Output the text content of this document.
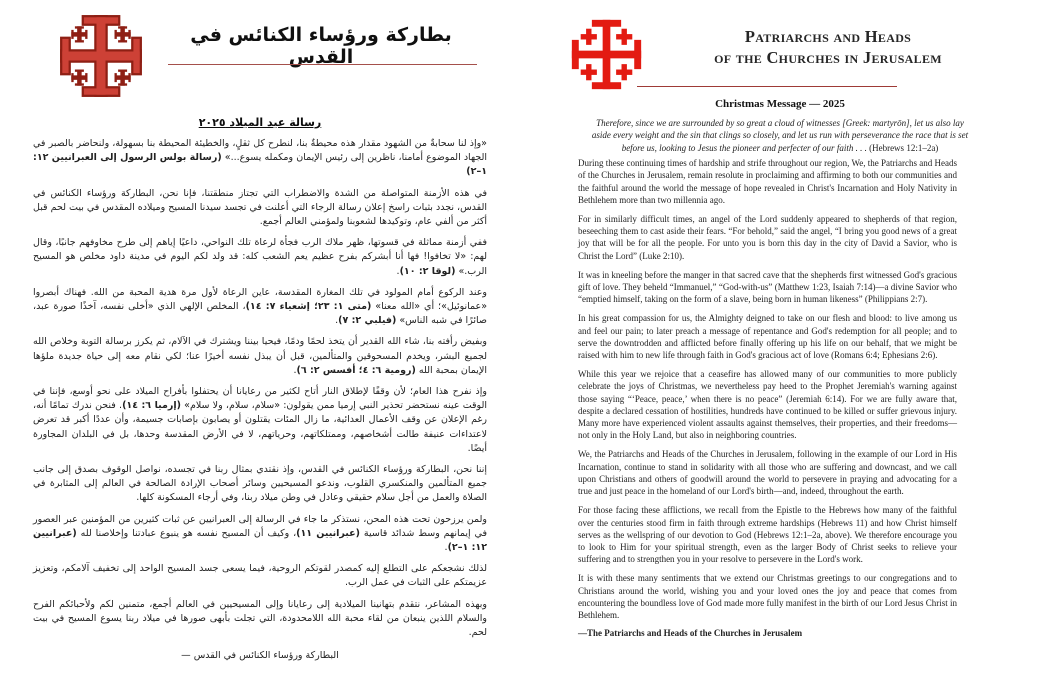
بطاركة ورؤساء الكنائس في القدس
رسالة عيد الميلاد ٢٠٢٥
«وإذ لنا سحابةٌ من الشهود مقدار هذه محيطةٌ بنا، لنطرح كل ثقلٍ، والخطيئة المحيطة بنا بسهولة، ولنحاضر بالصبر في الجهاد الموضوع أمامنا، ناظرين إلى رئيس الإيمان ومكمله يسوع...» (رسالة بولس الرسول إلى العبرانيين ١٢: ١–٢)

في هذه الأزمنة المتواصلة من الشدة والاضطراب التي تجتاز منطقتنا، فإنا نحن، البطاركة ورؤساء الكنائس في القدس، نجدد بثبات راسخ إعلان رسالة الرجاء التي أعلنت في تجسد سيدنا المسيح وميلاده المقدس في بيت لحم قبل أكثر من ألفي عام، وتوكيدها لشعوبنا ولمؤمني العالم أجمع.

ففي أزمنة مماثلة في قسوتها، ظهر ملاك الرب فجأة لرعاة تلك النواحي، داعيًا إياهم إلى طرح مخاوفهم جانبًا، وقال لهم: «لا تخافوا! فها أنا أبشركم بفرح عظيم يعم الشعب كله: قد ولد لكم اليوم في مدينة داود مخلص هو المسيح الرب.» (لوقا ٢: ١٠).

وعند الركوع أمام المولود في تلك المغارة المقدسة، عاين الرعاة لأول مرة هدية المحبة من الله. فهناك أبصروا «عمانوئيل»؛ أي «الله معنا» (متى ١: ٢٣؛ إشعياء ٧: ١٤)، المخلص الإلهي الذي «أخلى نفسه، آخذًا صورة عبد، صائرًا في شبه الناس» (فيلبي ٢: ٧).

وبفيض رأفته بنا، شاء الله القدير أن يتخذ لحمًا ودمًا، فيحيا بيننا ويشترك في الآلام، ثم يكرز برسالة التوبة وخلاص الله لجميع البشر، ويخدم المسحوقين والمتألمين، قبل أن يبذل نفسه أخيرًا عنا؛ لكي نقام معه إلى حياة جديدة ملؤها الإيمان بمحبة الله (رومية ٦: ٤؛ أفسس ٢: ٦).

وإذ نفرح هذا العام؛ لأن وقفًا لإطلاق النار أتاح لكثير من رعايانا أن يحتفلوا بأفراح الميلاد على نحو أوسع، فإننا في الوقت عينه نستحضر تحذير النبي إرميا ممن يقولون: «سلام، سلام، ولا سلام» (إرميا ٦: ١٤). فنحن ندرك تمامًا أنه، رغم الإعلان عن وقف الأعمال العدائية، ما زال المئات يقتلون أو يصابون بإصابات جسيمة، وأن عددًا أكبر قد تعرض لاعتداءات عنيفة طالت أشخاصهم، وممتلكاتهم، وحرياتهم، لا في الأرض المقدسة وحدها، بل في البلدان المجاورة أيضًا.

إننا نحن، البطاركة ورؤساء الكنائس في القدس، وإذ نقتدي بمثال ربنا في تجسده، نواصل الوقوف بصدق إلى جانب جميع المتألمين والمنكسري القلوب، وندعو المسيحيين وسائر أصحاب الإرادة الصالحة في العالم إلى المثابرة في الصلاة والعمل من أجل سلام حقيقي وعادل في وطن ميلاد ربنا، وفي أرجاء المسكونة كلها.

ولمن يرزحون تحت هذه المحن، نستذكر ما جاء في الرسالة إلى العبرانيين عن ثبات كثيرين من المؤمنين عبر العصور في إيمانهم وسط شدائد قاسية (عبرانيين ١١)، وكيف أن المسيح نفسه هو ينبوع عبادتنا وإخلاصنا لله (عبرانيين ١٢: ١–٢).

لذلك نشجعكم على التطلع إليه كمصدر لقوتكم الروحية، فيما يسعى جسد المسيح الواحد إلى تخفيف آلامكم، وتعزيز عزيمتكم على الثبات في عمل الرب.

وبهذه المشاعر، نتقدم بتهانينا الميلادية إلى رعايانا وإلى المسيحيين في العالم أجمع، متمنين لكم ولأحبائكم الفرح والسلام اللذين ينبعان من لقاء محبة الله اللامحدودة، التي تجلت بأبهى صورها في ميلاد ربنا يسوع المسيح في بيت لحم.

— البطاركة ورؤساء الكنائس في القدس
Patriarchs and Heads
of the Churches in Jerusalem
Christmas Message — 2025
Therefore, since we are surrounded by so great a cloud of witnesses [Greek: martyrōn], let us also lay aside every weight and the sin that clings so closely, and let us run with perseverance the race that is set before us, looking to Jesus the pioneer and perfecter of our faith . . . (Hebrews 12:1–2a)

During these continuing times of hardship and strife throughout our region, We, the Patriarchs and Heads of the Churches in Jerusalem, remain resolute in proclaiming and affirming to both our communities and the faithful around the world the message of hope revealed in Christ's Incarnation and Holy Nativity in Bethlehem more than two millennia ago.

For in similarly difficult times, an angel of the Lord suddenly appeared to shepherds of that region, beseeching them to cast aside their fears. “For behold,” said the angel, “I bring you good news of a great joy that will be for all the people. For unto you is born this day in the city of David a Savior, who is Christ the Lord” (Luke 2:10).

It was in kneeling before the manger in that sacred cave that the shepherds first witnessed God's gracious gift of love. They beheld “Immanuel,” “God-with-us” (Matthew 1:23, Isaiah 7:14)—a divine Savior who “emptied himself, taking on the form of a slave, being born in human likeness” (Philippians 2:7).

In his great compassion for us, the Almighty deigned to take on our flesh and blood: to live among us and feel our pain; to later preach a message of repentance and God's redemption for all people; and to serve the downtrodden and afflicted before finally offering up his life on our behalf, that we might be raised with him to new life through faith in God's gracious act of love (Romans 6:4; Ephesians 2:6).

While this year we rejoice that a ceasefire has allowed many of our communities to more publicly celebrate the joys of Christmas, we nevertheless pay heed to the Prophet Jeremiah's warning against those saying “‘Peace, peace,’ when there is no peace” (Jeremiah 6:14). For we are fully aware that, despite a declared cessation of hostilities, hundreds have continued to be killed or suffer grievous injury. Many more have experienced violent assaults against themselves, their properties, and their freedoms—not only in the Holy Land, but also in neighboring countries.

We, the Patriarchs and Heads of the Churches in Jerusalem, following in the example of our Lord in His Incarnation, continue to stand in solidarity with all those who are suffering and downcast, and we call upon Christians and others of goodwill around the world to persevere in praying and advocating for a true and just peace in the homeland of our Lord's birth—and, indeed, throughout the earth.

For those facing these afflictions, we recall from the Epistle to the Hebrews how many of the faithful over the centuries stood firm in faith through extreme hardships (Hebrews 11) and how Christ himself serves as the wellspring of our devotion to God (Hebrews 12:1–2a, above). We therefore encourage you to look to Him for your spiritual strength, even as the larger Body of Christ seeks to relieve your suffering and to strengthen you in your resolve to persevere in the Lord's work.

It is with these many sentiments that we extend our Christmas greetings to our congregations and to Christians around the world, wishing you and your loved ones the joy and peace that comes from encountering the boundless love of God made more fully manifest in the birth of our Lord Jesus Christ in Bethlehem.

—The Patriarchs and Heads of the Churches in Jerusalem
